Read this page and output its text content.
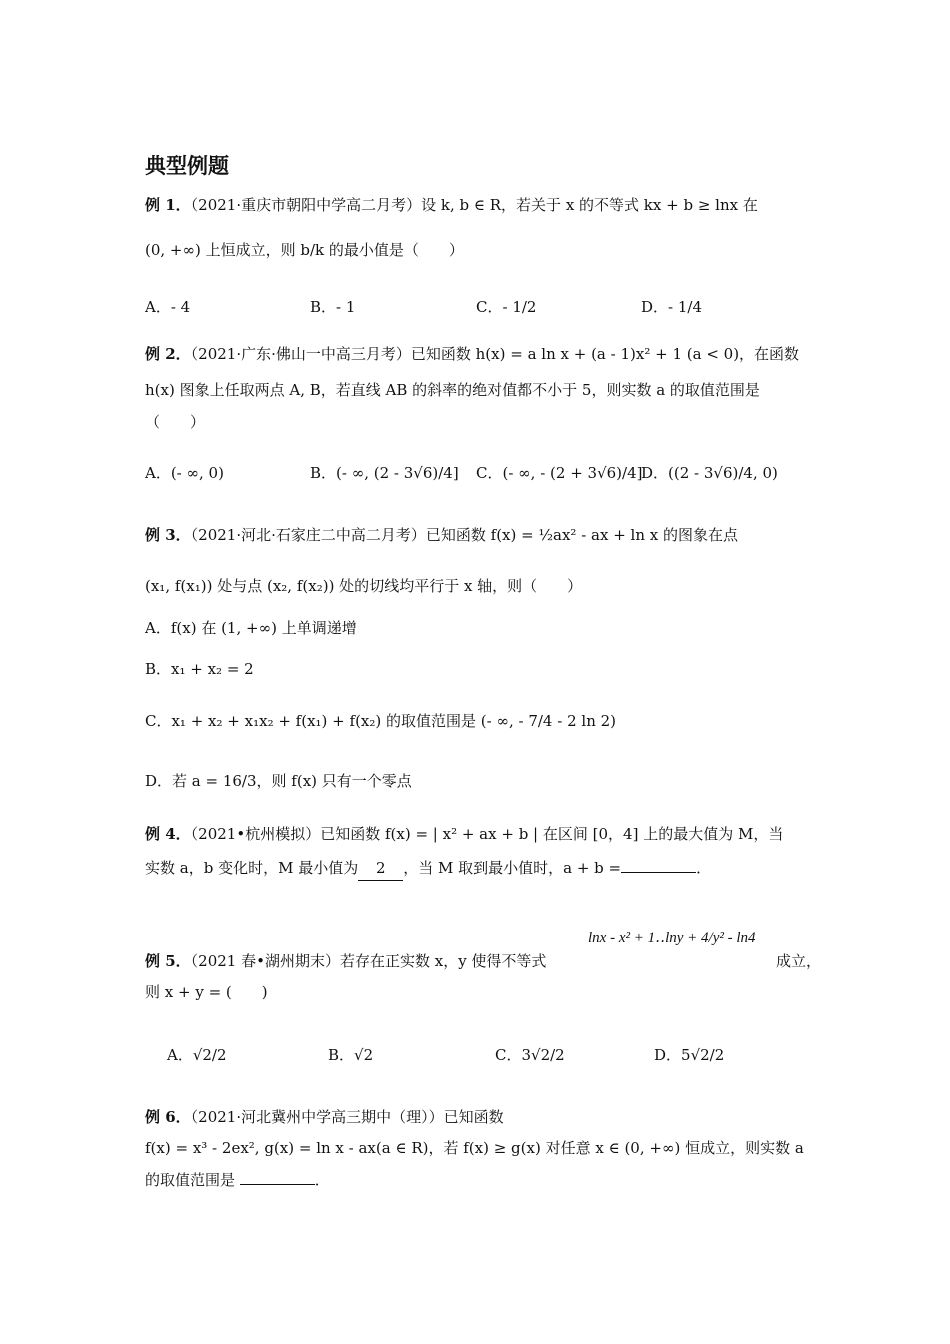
典型例题
例 1．（2021·重庆市朝阳中学高二月考）设 k, b ∈ R，若关于 x 的不等式 kx + b ≥ lnx 在
(0, +∞) 上恒成立，则 b/k 的最小值是（　　）
A．- 4	B．- 1	C．- 1/2	D．- 1/4
例 2．（2021·广东·佛山一中高三月考）已知函数 h(x) = a ln x + (a - 1)x² + 1 (a < 0)，在函数
h(x) 图象上任取两点 A, B，若直线 AB 的斜率的绝对值都不小于 5，则实数 a 的取值范围是
（　　）
A．(- ∞, 0)	B．(- ∞, (2 - 3√6)/4] C．(- ∞, - (2 + 3√6)/4]
D．((2 - 3√6)/4, 0)
例 3．（2021·河北·石家庄二中高二月考）已知函数 f(x) = ½ax² - ax + ln x 的图象在点
(x₁, f(x₁)) 处与点 (x₂, f(x₂)) 处的切线均平行于 x 轴，则（　　）
A．f(x) 在 (1, +∞) 上单调递增
B．x₁ + x₂ = 2
C．x₁ + x₂ + x₁x₂ + f(x₁) + f(x₂) 的取值范围是 (- ∞, - 7/4 - 2 ln 2)
D．若 a = 16/3，则 f(x) 只有一个零点
例 4．（2021•杭州模拟）已知函数 f(x) = | x² + ax + b | 在区间 [0，4] 上的最大值为 M，当
实数 a，b 变化时，M 最小值为 2 ，当 M 取到最小值时，a + b =	．
lnx - x² + 1‥lny + 4/y² - ln4
例 5．（2021 春•湖州期末）若存在正实数 x，y 使得不等式	成立，
则 x + y = (　　)
A．√2/2	B．√2	C．3√2/2	D．5√2/2
例 6．（2021·河北冀州中学高三期中（理））已知函数
f(x) = x³ - 2ex², g(x) = ln x - ax(a ∈ R)，若 f(x) ≥ g(x) 对任意 x ∈ (0, +∞) 恒成立，则实数 a
的取值范围是	．
